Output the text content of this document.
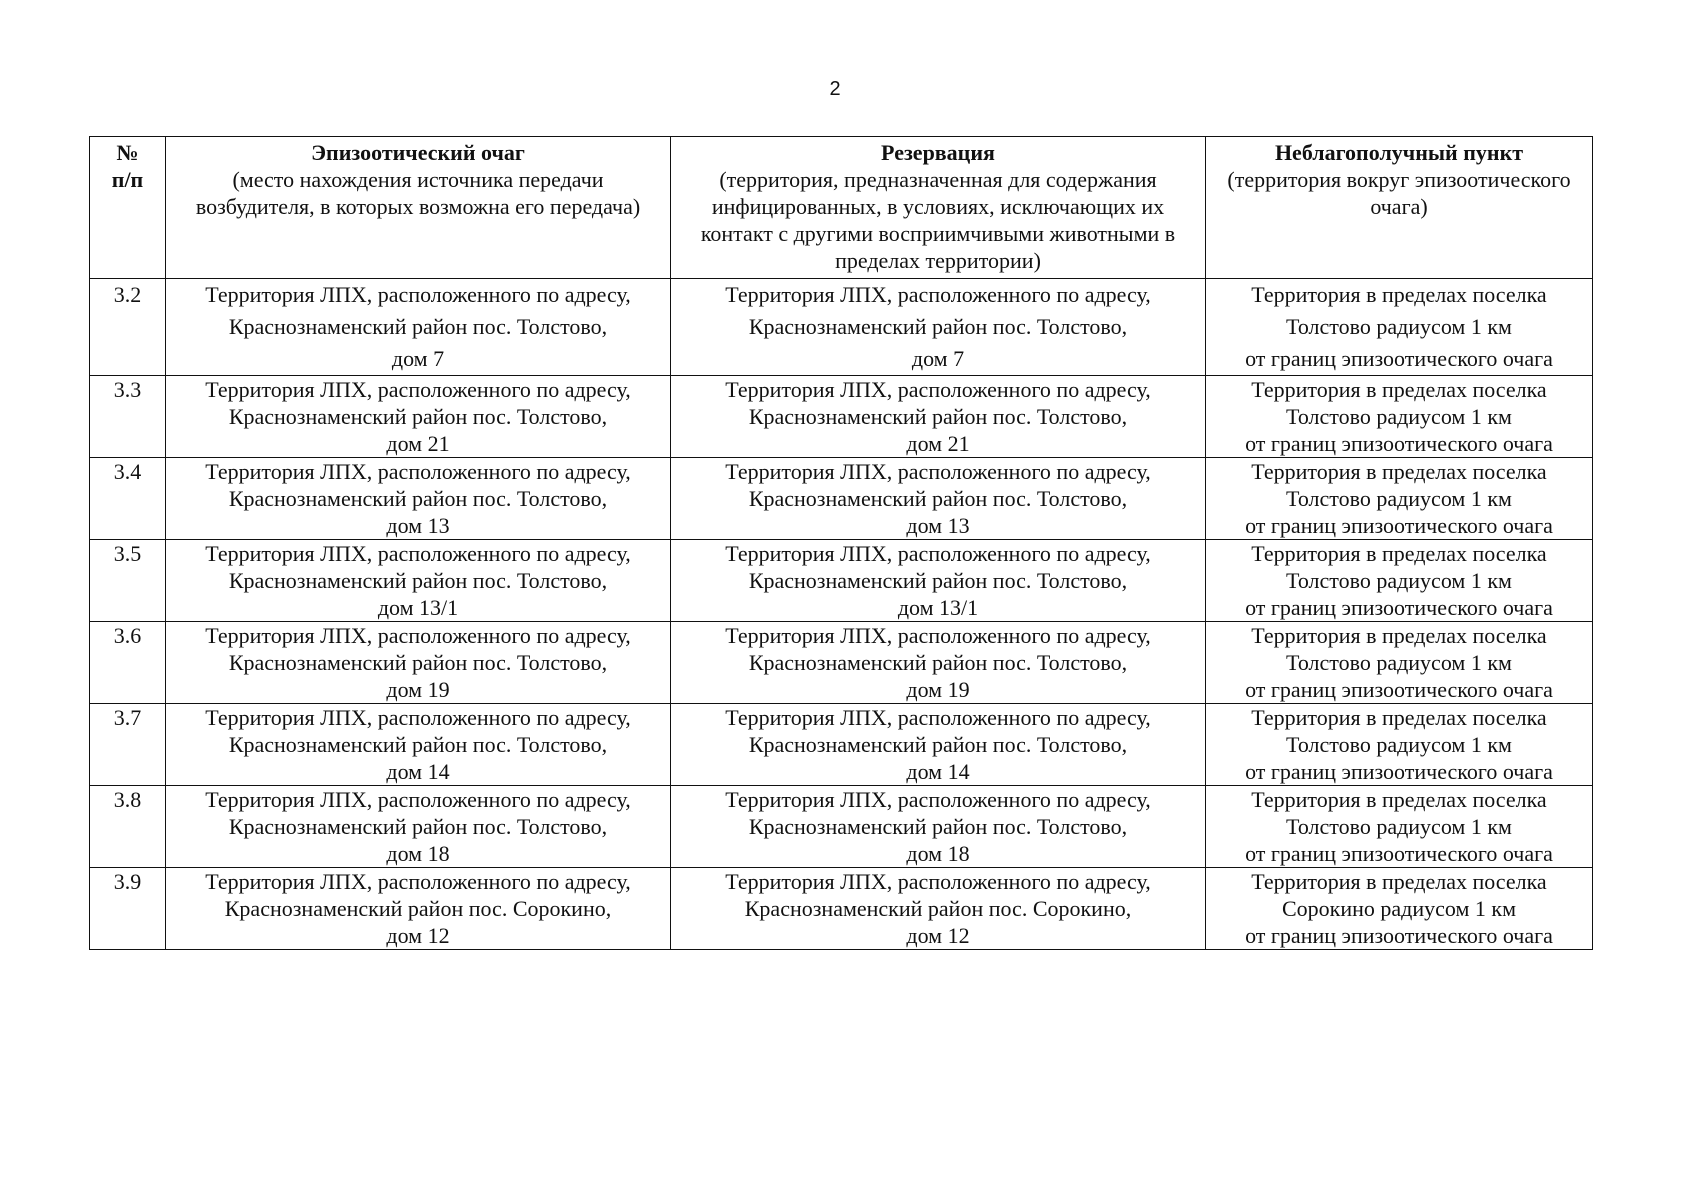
2
№
п/п	Эпизоотический очаг
(место нахождения источника передачи возбудителя, в которых возможна его передача)	Резервация
(территория, предназначенная для содержания инфицированных, в условиях, исключающих их контакт с другими восприимчивыми животными в пределах территории)	Неблагополучный пункт
(территория вокруг эпизоотического очага)

3.2	Территория ЛПХ, расположенного по адресу,
Краснознаменский район пос. Толстово,
дом 7	Территория ЛПХ, расположенного по адресу,
Краснознаменский район пос. Толстово,
дом 7	Территория в пределах поселка
Толстово радиусом 1 км
от границ эпизоотического очага

3.3	Территория ЛПХ, расположенного по адресу,
Краснознаменский район пос. Толстово,
дом 21	Территория ЛПХ, расположенного по адресу,
Краснознаменский район пос. Толстово,
дом 21	Территория в пределах поселка
Толстово радиусом 1 км
от границ эпизоотического очага

3.4	Территория ЛПХ, расположенного по адресу,
Краснознаменский район пос. Толстово,
дом 13	Территория ЛПХ, расположенного по адресу,
Краснознаменский район пос. Толстово,
дом 13	Территория в пределах поселка
Толстово радиусом 1 км
от границ эпизоотического очага

3.5	Территория ЛПХ, расположенного по адресу,
Краснознаменский район пос. Толстово,
дом 13/1	Территория ЛПХ, расположенного по адресу,
Краснознаменский район пос. Толстово,
дом 13/1	Территория в пределах поселка
Толстово радиусом 1 км
от границ эпизоотического очага

3.6	Территория ЛПХ, расположенного по адресу,
Краснознаменский район пос. Толстово,
дом 19	Территория ЛПХ, расположенного по адресу,
Краснознаменский район пос. Толстово,
дом 19	Территория в пределах поселка
Толстово радиусом 1 км
от границ эпизоотического очага

3.7	Территория ЛПХ, расположенного по адресу,
Краснознаменский район пос. Толстово,
дом 14	Территория ЛПХ, расположенного по адресу,
Краснознаменский район пос. Толстово,
дом 14	Территория в пределах поселка
Толстово радиусом 1 км
от границ эпизоотического очага

3.8	Территория ЛПХ, расположенного по адресу,
Краснознаменский район пос. Толстово,
дом 18	Территория ЛПХ, расположенного по адресу,
Краснознаменский район пос. Толстово,
дом 18	Территория в пределах поселка
Толстово радиусом 1 км
от границ эпизоотического очага

3.9	Территория ЛПХ, расположенного по адресу,
Краснознаменский район пос. Сорокино,
дом 12	Территория ЛПХ, расположенного по адресу,
Краснознаменский район пос. Сорокино,
дом 12	Территория в пределах поселка
Сорокино радиусом 1 км
от границ эпизоотического очага
